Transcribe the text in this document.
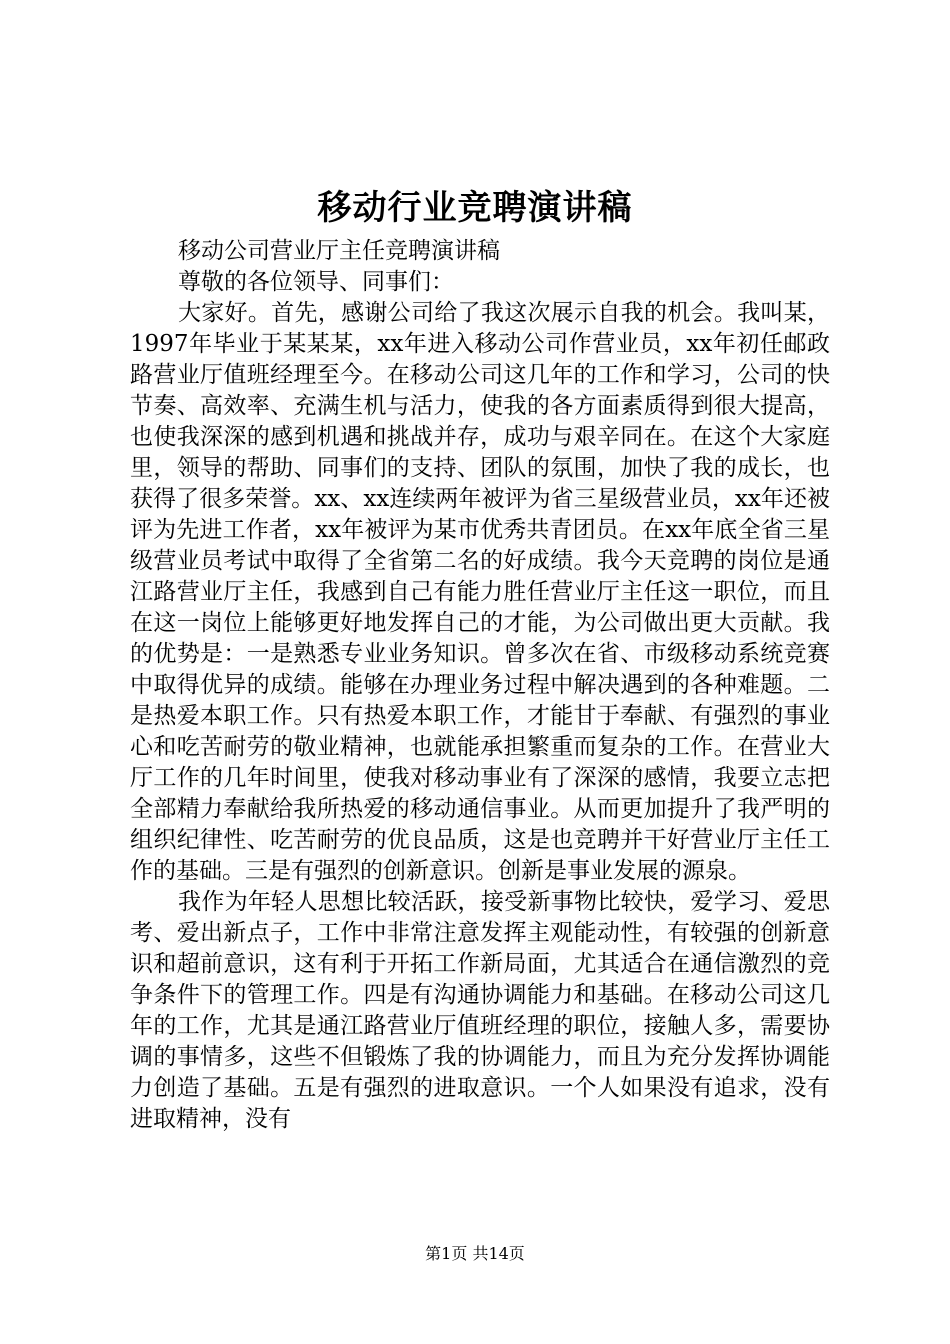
移动行业竞聘演讲稿

移动公司营业厅主任竞聘演讲稿

尊敬的各位领导、同事们：

大家好。首先，感谢公司给了我这次展示自我的机会。我叫某，1997年毕业于某某某，xx年进入移动公司作营业员，xx年初任邮政路营业厅值班经理至今。在移动公司这几年的工作和学习，公司的快节奏、高效率、充满生机与活力，使我的各方面素质得到很大提高，也使我深深的感到机遇和挑战并存，成功与艰辛同在。在这个大家庭里，领导的帮助、同事们的支持、团队的氛围，加快了我的成长，也获得了很多荣誉。xx、xx连续两年被评为省三星级营业员，xx年还被评为先进工作者，xx年被评为某市优秀共青团员。在xx年底全省三星级营业员考试中取得了全省第二名的好成绩。我今天竞聘的岗位是通江路营业厅主任，我感到自己有能力胜任营业厅主任这一职位，而且在这一岗位上能够更好地发挥自己的才能，为公司做出更大贡献。我的优势是：一是熟悉专业业务知识。曾多次在省、市级移动系统竞赛中取得优异的成绩。能够在办理业务过程中解决遇到的各种难题。二是热爱本职工作。只有热爱本职工作，才能甘于奉献、有强烈的事业心和吃苦耐劳的敬业精神，也就能承担繁重而复杂的工作。在营业大厅工作的几年时间里，使我对移动事业有了深深的感情，我要立志把全部精力奉献给我所热爱的移动通信事业。从而更加提升了我严明的组织纪律性、吃苦耐劳的优良品质，这是也竞聘并干好营业厅主任工作的基础。三是有强烈的创新意识。创新是事业发展的源泉。

我作为年轻人思想比较活跃，接受新事物比较快，爱学习、爱思考、爱出新点子，工作中非常注意发挥主观能动性，有较强的创新意识和超前意识，这有利于开拓工作新局面，尤其适合在通信激烈的竞争条件下的管理工作。四是有沟通协调能力和基础。在移动公司这几年的工作，尤其是通江路营业厅值班经理的职位，接触人多，需要协调的事情多，这些不但锻炼了我的协调能力，而且为充分发挥协调能力创造了基础。五是有强烈的进取意识。一个人如果没有追求，没有进取精神，没有

第1页 共14页
